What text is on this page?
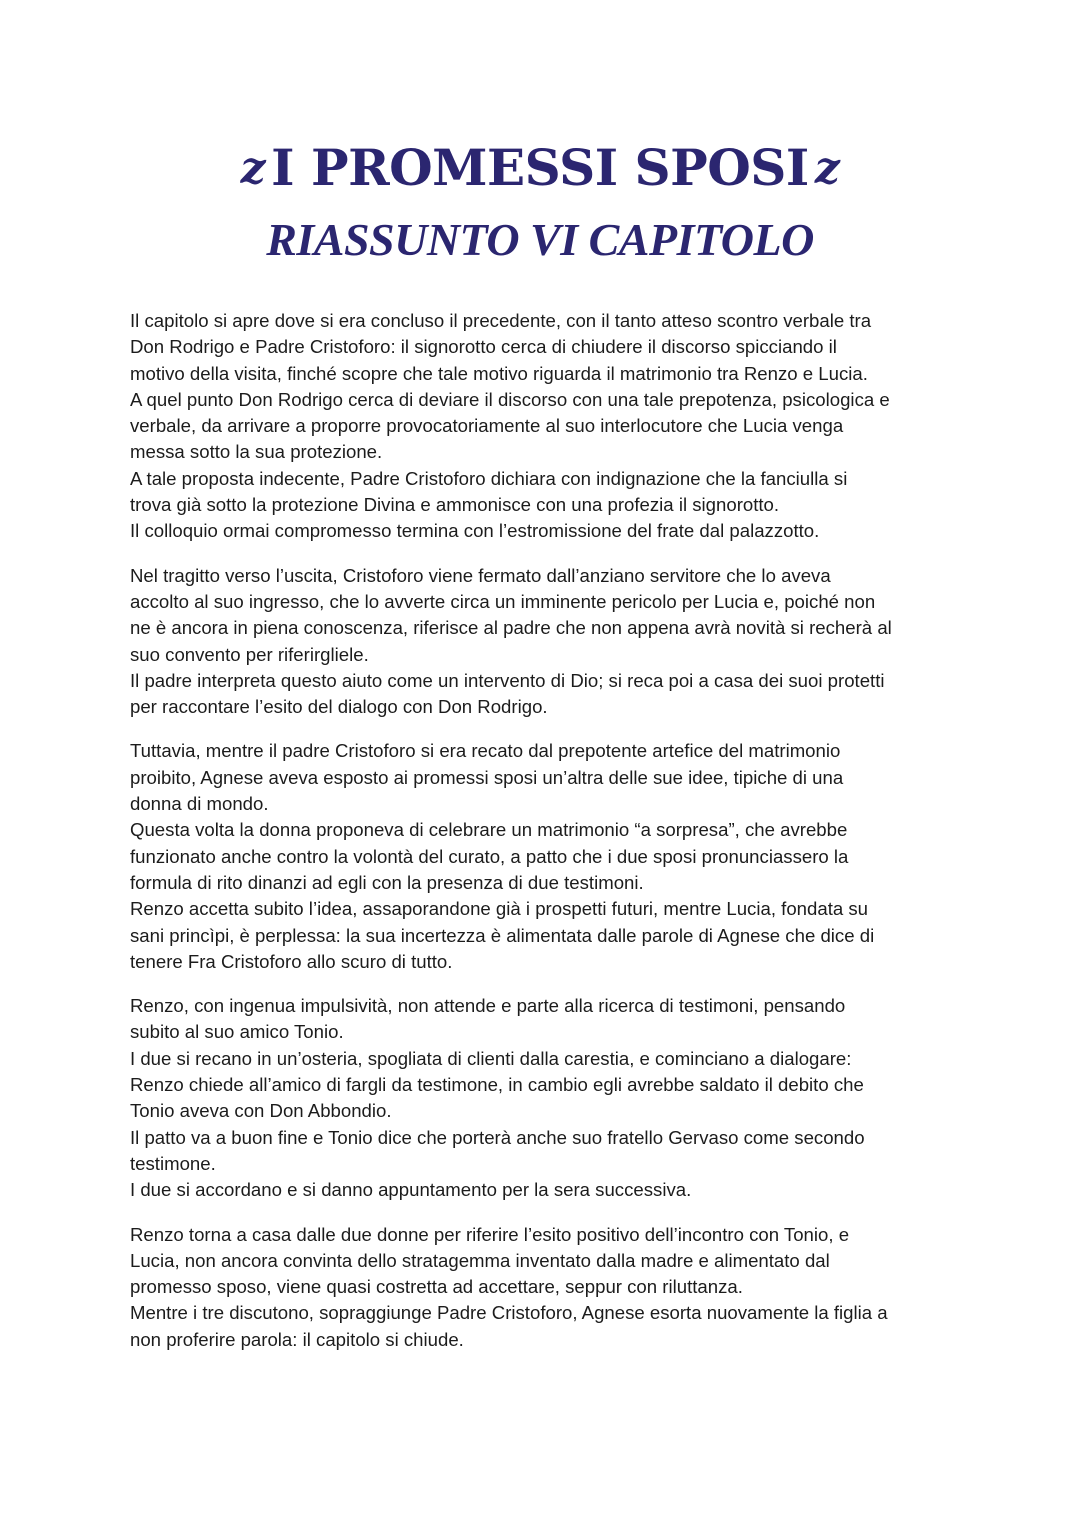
z I PROMESSI SPOSI z
RIASSUNTO VI CAPITOLO
Il capitolo si apre dove si era concluso il precedente, con il tanto atteso scontro verbale tra
Don Rodrigo e Padre Cristoforo: il signorotto cerca di chiudere il discorso spicciando il
motivo della visita, finché scopre che tale motivo riguarda il matrimonio tra Renzo e Lucia.
A quel punto Don Rodrigo cerca di deviare il discorso con una tale prepotenza, psicologica e
verbale, da arrivare a proporre provocatoriamente al suo interlocutore che Lucia venga
messa sotto la sua protezione.
A tale proposta indecente, Padre Cristoforo dichiara con indignazione che la fanciulla si
trova già sotto la protezione Divina e ammonisce con una profezia il signorotto.
Il colloquio ormai compromesso termina con l’estromissione del frate dal palazzotto.
Nel tragitto verso l’uscita, Cristoforo viene fermato dall’anziano servitore che lo aveva
accolto al suo ingresso, che lo avverte circa un imminente pericolo per Lucia e, poiché non
ne è ancora in piena conoscenza, riferisce al padre che non appena avrà novità si recherà al
suo convento per riferirgliele.
Il padre interpreta questo aiuto come un intervento di Dio; si reca poi a casa dei suoi protetti
per raccontare l’esito del dialogo con Don Rodrigo.
Tuttavia, mentre il padre Cristoforo si era recato dal prepotente artefice del matrimonio
proibito, Agnese aveva esposto ai promessi sposi un’altra delle sue idee, tipiche di una
donna di mondo.
Questa volta la donna proponeva di celebrare un matrimonio “a sorpresa”, che avrebbe
funzionato anche contro la volontà del curato, a patto che i due sposi pronunciassero la
formula di rito dinanzi ad egli con la presenza di due testimoni.
Renzo accetta subito l’idea, assaporandone già i prospetti futuri, mentre Lucia, fondata su
sani princìpi, è perplessa: la sua incertezza è alimentata dalle parole di Agnese che dice di
tenere Fra Cristoforo allo scuro di tutto.
Renzo, con ingenua impulsività, non attende e parte alla ricerca di testimoni, pensando
subito al suo amico Tonio.
I due si recano in un’osteria, spogliata di clienti dalla carestia, e cominciano a dialogare:
Renzo chiede all’amico di fargli da testimone, in cambio egli avrebbe saldato il debito che
Tonio aveva con Don Abbondio.
Il patto va a buon fine e Tonio dice che porterà anche suo fratello Gervaso come secondo
testimone.
I due si accordano e si danno appuntamento per la sera successiva.
Renzo torna a casa dalle due donne per riferire l’esito positivo dell’incontro con Tonio, e
Lucia, non ancora convinta dello stratagemma inventato dalla madre e alimentato dal
promesso sposo, viene quasi costretta ad accettare, seppur con riluttanza.
Mentre i tre discutono, sopraggiunge Padre Cristoforo, Agnese esorta nuovamente la figlia a
non proferire parola: il capitolo si chiude.
